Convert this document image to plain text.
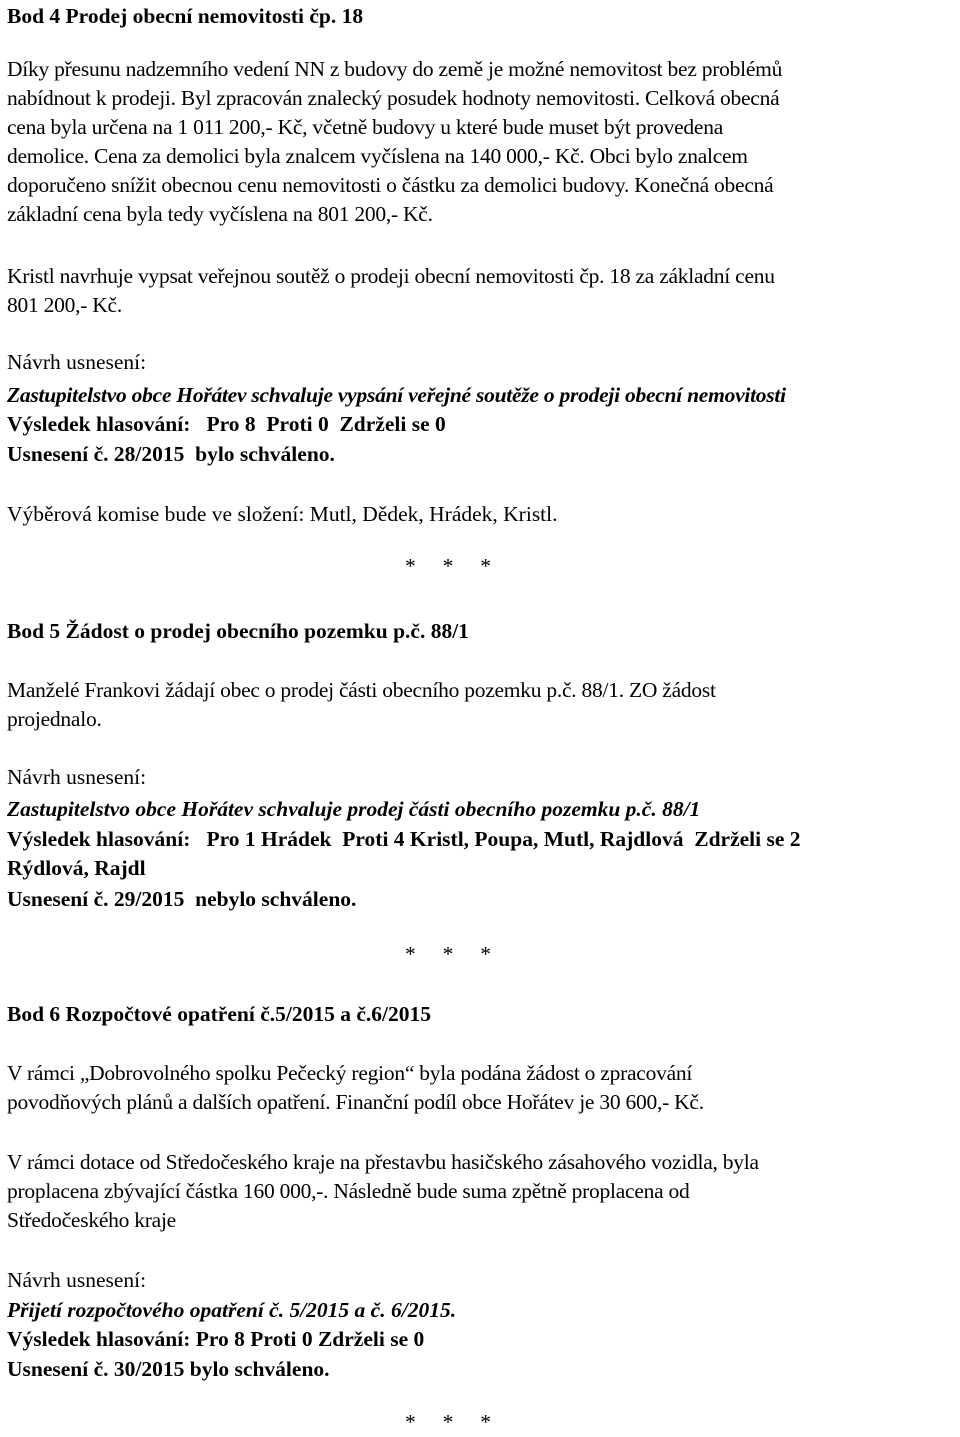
Bod 4 Prodej obecní nemovitosti čp. 18
Díky přesunu nadzemního vedení NN z budovy do země je možné nemovitost bez problémů
nabídnout k prodeji. Byl zpracován znalecký posudek hodnoty nemovitosti. Celková obecná
cena byla určena na 1 011 200,- Kč, včetně budovy u které bude muset být provedena
demolice. Cena za demolici byla znalcem vyčíslena na 140 000,- Kč. Obci bylo znalcem
doporučeno snížit obecnou cenu nemovitosti o částku za demolici budovy. Konečná obecná
základní cena byla tedy vyčíslena na 801 200,- Kč.
Kristl navrhuje vypsat veřejnou soutěž o prodeji obecní nemovitosti čp. 18 za základní cenu
801 200,- Kč.
Návrh usnesení:
Zastupitelstvo obce Hořátev schvaluje vypsání veřejné soutěže o prodeji obecní nemovitosti
Výsledek hlasování:   Pro 8  Proti 0  Zdrželi se 0
Usnesení č. 28/2015  bylo schváleno.
Výběrová komise bude ve složení: Mutl, Dědek, Hrádek, Kristl.
*     *     *
Bod 5 Žádost o prodej obecního pozemku p.č. 88/1
Manželé Frankovi žádají obec o prodej části obecního pozemku p.č. 88/1. ZO žádost
projednalo.
Návrh usnesení:
Zastupitelstvo obce Hořátev schvaluje prodej části obecního pozemku p.č. 88/1
Výsledek hlasování:   Pro 1 Hrádek  Proti 4 Kristl, Poupa, Mutl, Rajdlová  Zdrželi se 2
Rýdlová, Rajdl
Usnesení č. 29/2015  nebylo schváleno.
*     *     *
Bod 6 Rozpočtové opatření č.5/2015 a č.6/2015
V rámci „Dobrovolného spolku Pečecký region“ byla podána žádost o zpracování
povodňových plánů a dalších opatření. Finanční podíl obce Hořátev je 30 600,- Kč.
V rámci dotace od Středočeského kraje na přestavbu hasičského zásahového vozidla, byla
proplacena zbývající částka 160 000,-. Následně bude suma zpětně proplacena od
Středočeského kraje
Návrh usnesení:
Přijetí rozpočtového opatření č. 5/2015 a č. 6/2015.
Výsledek hlasování: Pro 8 Proti 0 Zdrželi se 0
Usnesení č. 30/2015 bylo schváleno.
*     *     *
